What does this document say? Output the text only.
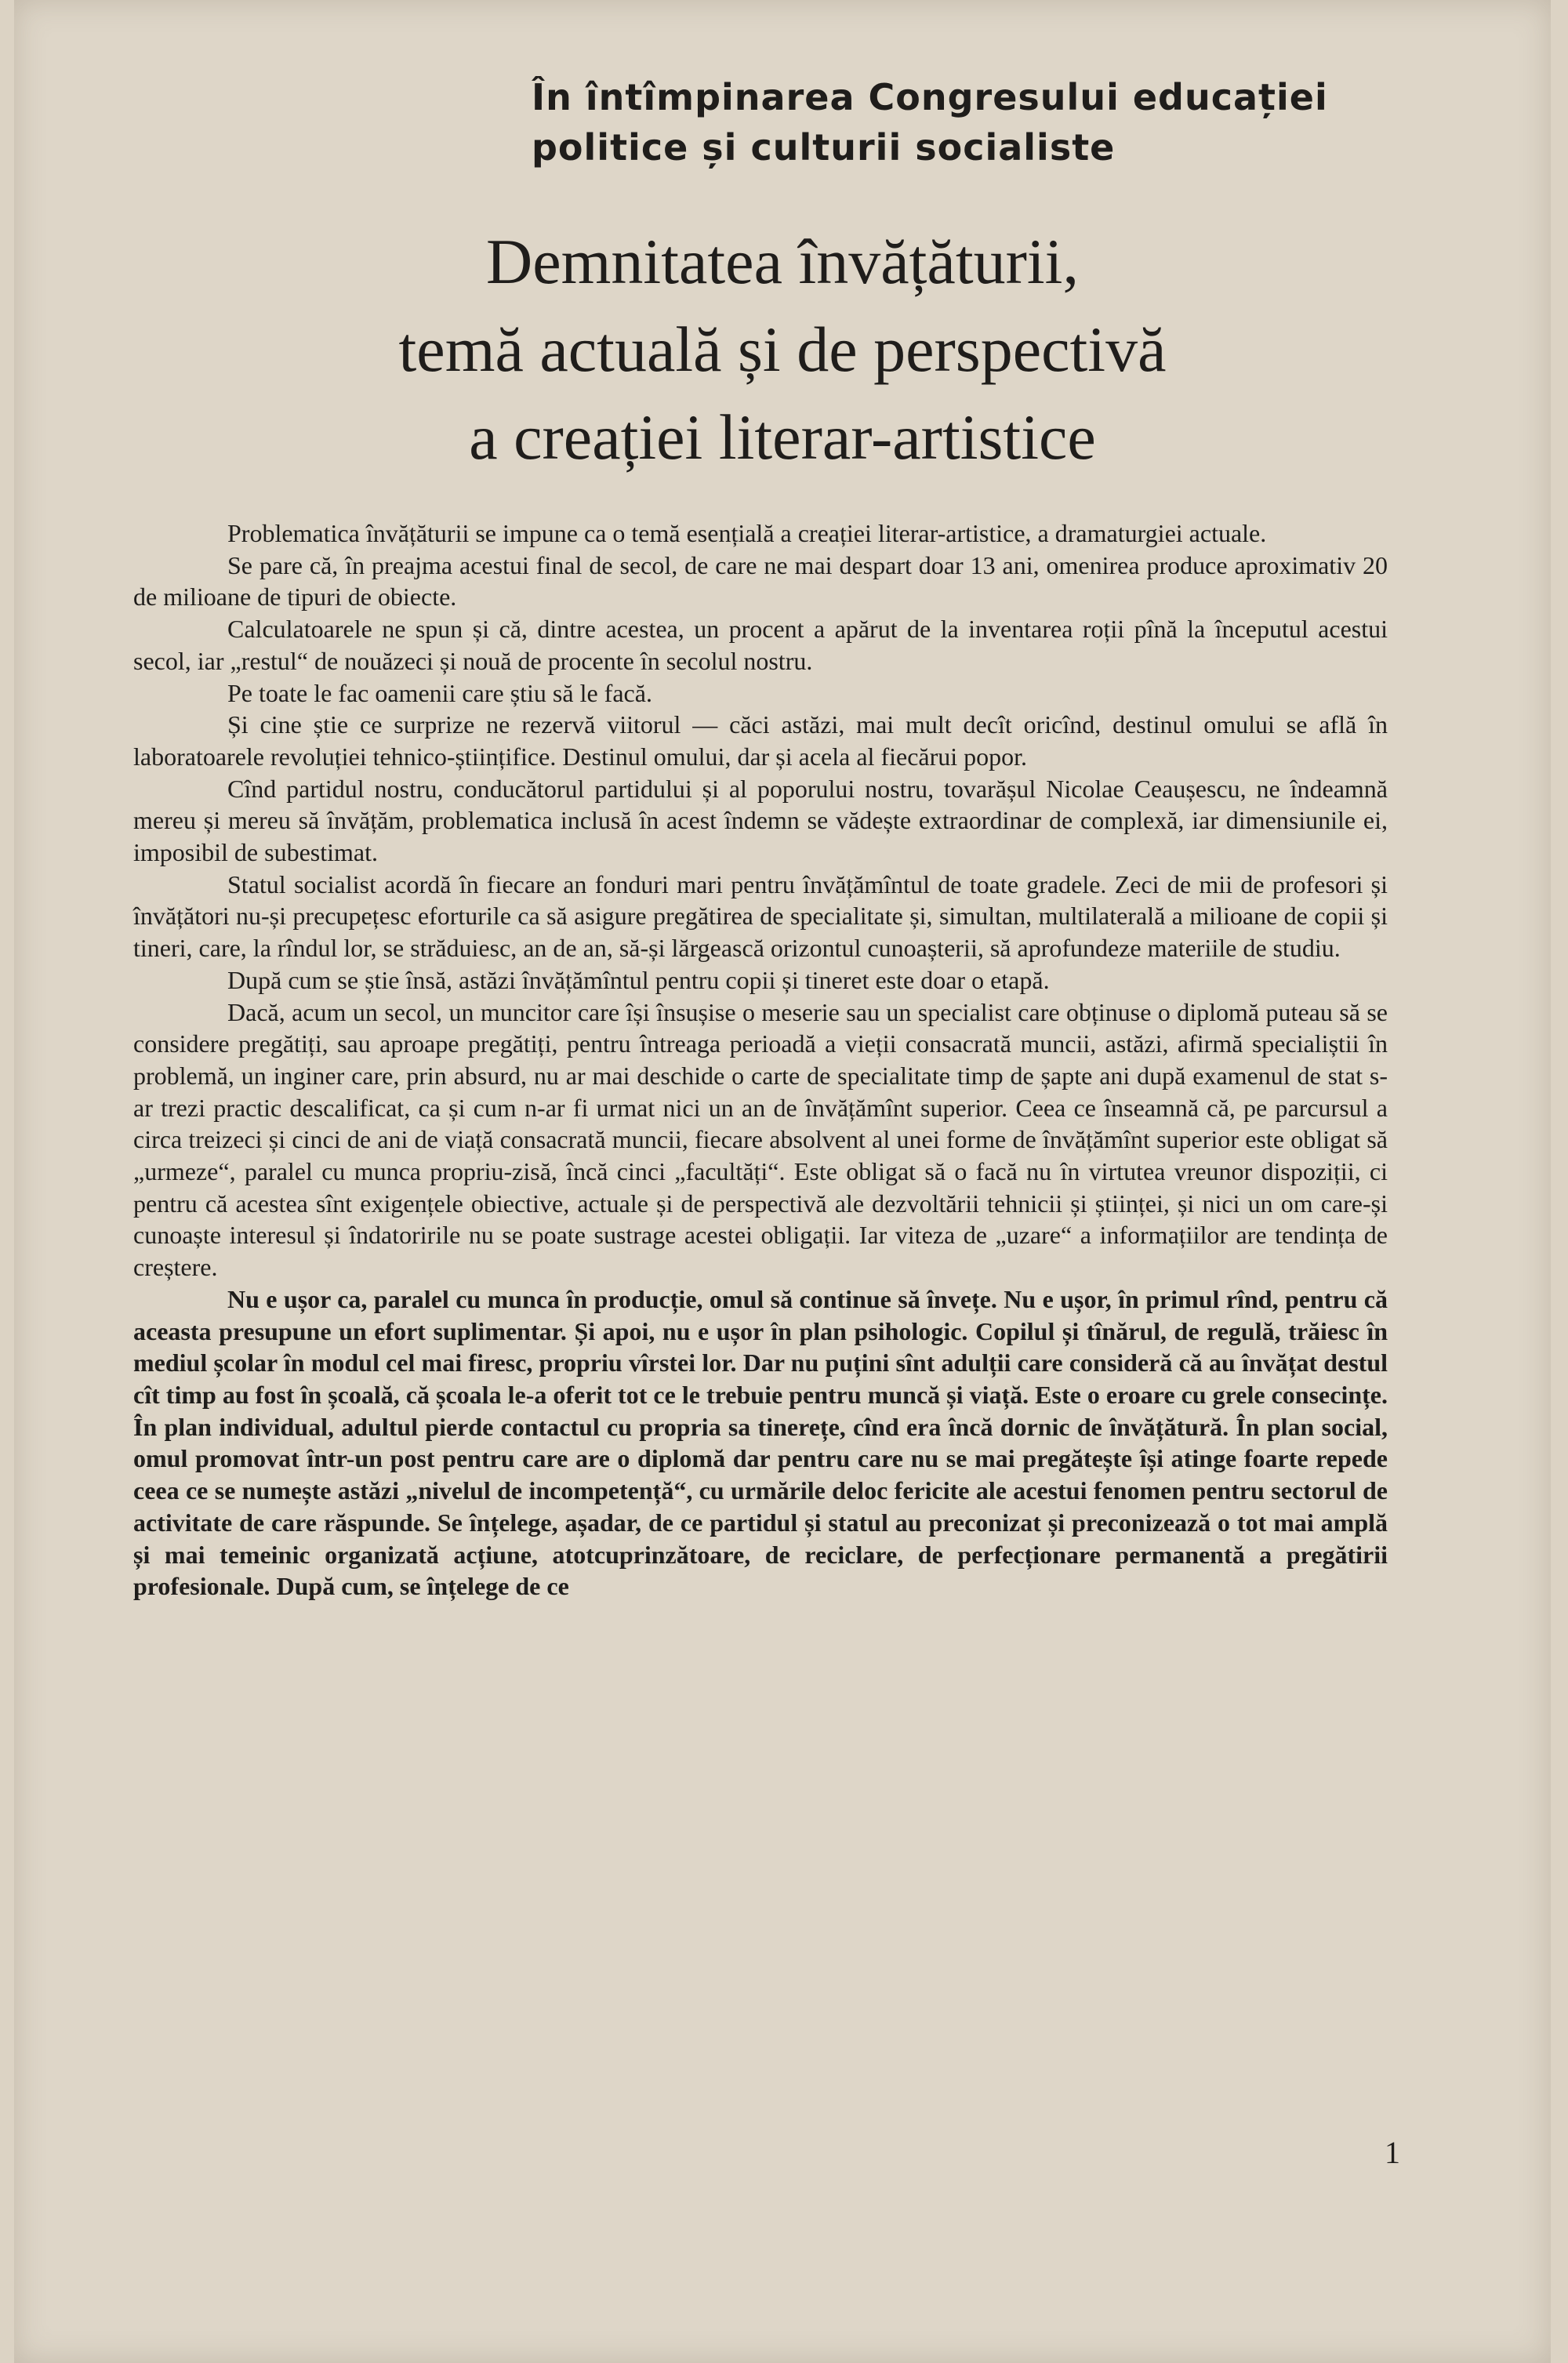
În întîmpinarea Congresului educației
politice și culturii socialiste
Demnitatea învățăturii,
temă actuală și de perspectivă
a creației literar-artistice

Problematica învățăturii se impune ca o temă esențială a creației literar-artistice, a dramaturgiei actuale.

Se pare că, în preajma acestui final de secol, de care ne mai despart doar 13 ani, omenirea produce aproximativ 20 de milioane de tipuri de obiecte.

Calculatoarele ne spun și că, dintre acestea, un procent a apărut de la inventarea roții pînă la începutul acestui secol, iar „restul“ de nouăzeci și nouă de procente în secolul nostru.

Pe toate le fac oamenii care știu să le facă.

Și cine știe ce surprize ne rezervă viitorul — căci astăzi, mai mult decît oricînd, destinul omului se află în laboratoarele revoluției tehnico-științifice. Destinul omului, dar și acela al fiecărui popor.

Cînd partidul nostru, conducătorul partidului și al poporului nostru, tovarășul Nicolae Ceaușescu, ne îndeamnă mereu și mereu să învățăm, problematica inclusă în acest îndemn se vădește extraordinar de complexă, iar dimensiunile ei, imposibil de subestimat.

Statul socialist acordă în fiecare an fonduri mari pentru învățămîntul de toate gradele. Zeci de mii de profesori și învățători nu-și precupețesc eforturile ca să asigure pregătirea de specialitate și, simultan, multilaterală a milioane de copii și tineri, care, la rîndul lor, se străduiesc, an de an, să-și lărgească orizontul cunoașterii, să aprofundeze materiile de studiu.

După cum se știe însă, astăzi învățămîntul pentru copii și tineret este doar o etapă.

Dacă, acum un secol, un muncitor care își însușise o meserie sau un specialist care obținuse o diplomă puteau să se considere pregătiți, sau aproape pregătiți, pentru întreaga perioadă a vieții consacrată muncii, astăzi, afirmă specialiștii în problemă, un inginer care, prin absurd, nu ar mai deschide o carte de specialitate timp de șapte ani după examenul de stat s-ar trezi practic descalificat, ca și cum n-ar fi urmat nici un an de învățămînt superior. Ceea ce înseamnă că, pe parcursul a circa treizeci și cinci de ani de viață consacrată muncii, fiecare absolvent al unei forme de învățămînt superior este obligat să „urmeze“, paralel cu munca propriu-zisă, încă cinci „facultăți“. Este obligat să o facă nu în virtutea vreunor dispoziții, ci pentru că acestea sînt exigențele obiective, actuale și de perspectivă ale dezvoltării tehnicii și științei, și nici un om care-și cunoaște interesul și îndatoririle nu se poate sustrage acestei obligații. Iar viteza de „uzare“ a informațiilor are tendința de creștere.

Nu e ușor ca, paralel cu munca în producție, omul să continue să învețe. Nu e ușor, în primul rînd, pentru că aceasta presupune un efort suplimentar. Și apoi, nu e ușor în plan psihologic. Copilul și tînărul, de regulă, trăiesc în mediul școlar în modul cel mai firesc, propriu vîrstei lor. Dar nu puțini sînt adulții care consideră că au învățat destul cît timp au fost în școală, că școala le-a oferit tot ce le trebuie pentru muncă și viață. Este o eroare cu grele consecințe. În plan individual, adultul pierde contactul cu propria sa tinerețe, cînd era încă dornic de învățătură. În plan social, omul promovat într-un post pentru care are o diplomă dar pentru care nu se mai pregătește își atinge foarte repede ceea ce se numește astăzi „nivelul de incompetență“, cu urmările deloc fericite ale acestui fenomen pentru sectorul de activitate de care răspunde. Se înțelege, așadar, de ce partidul și statul au preconizat și preconizează o tot mai amplă și mai temeinic organizată acțiune, atotcuprinzătoare, de reciclare, de perfecționare permanentă a pregătirii profesionale. După cum, se înțelege de ce

1
